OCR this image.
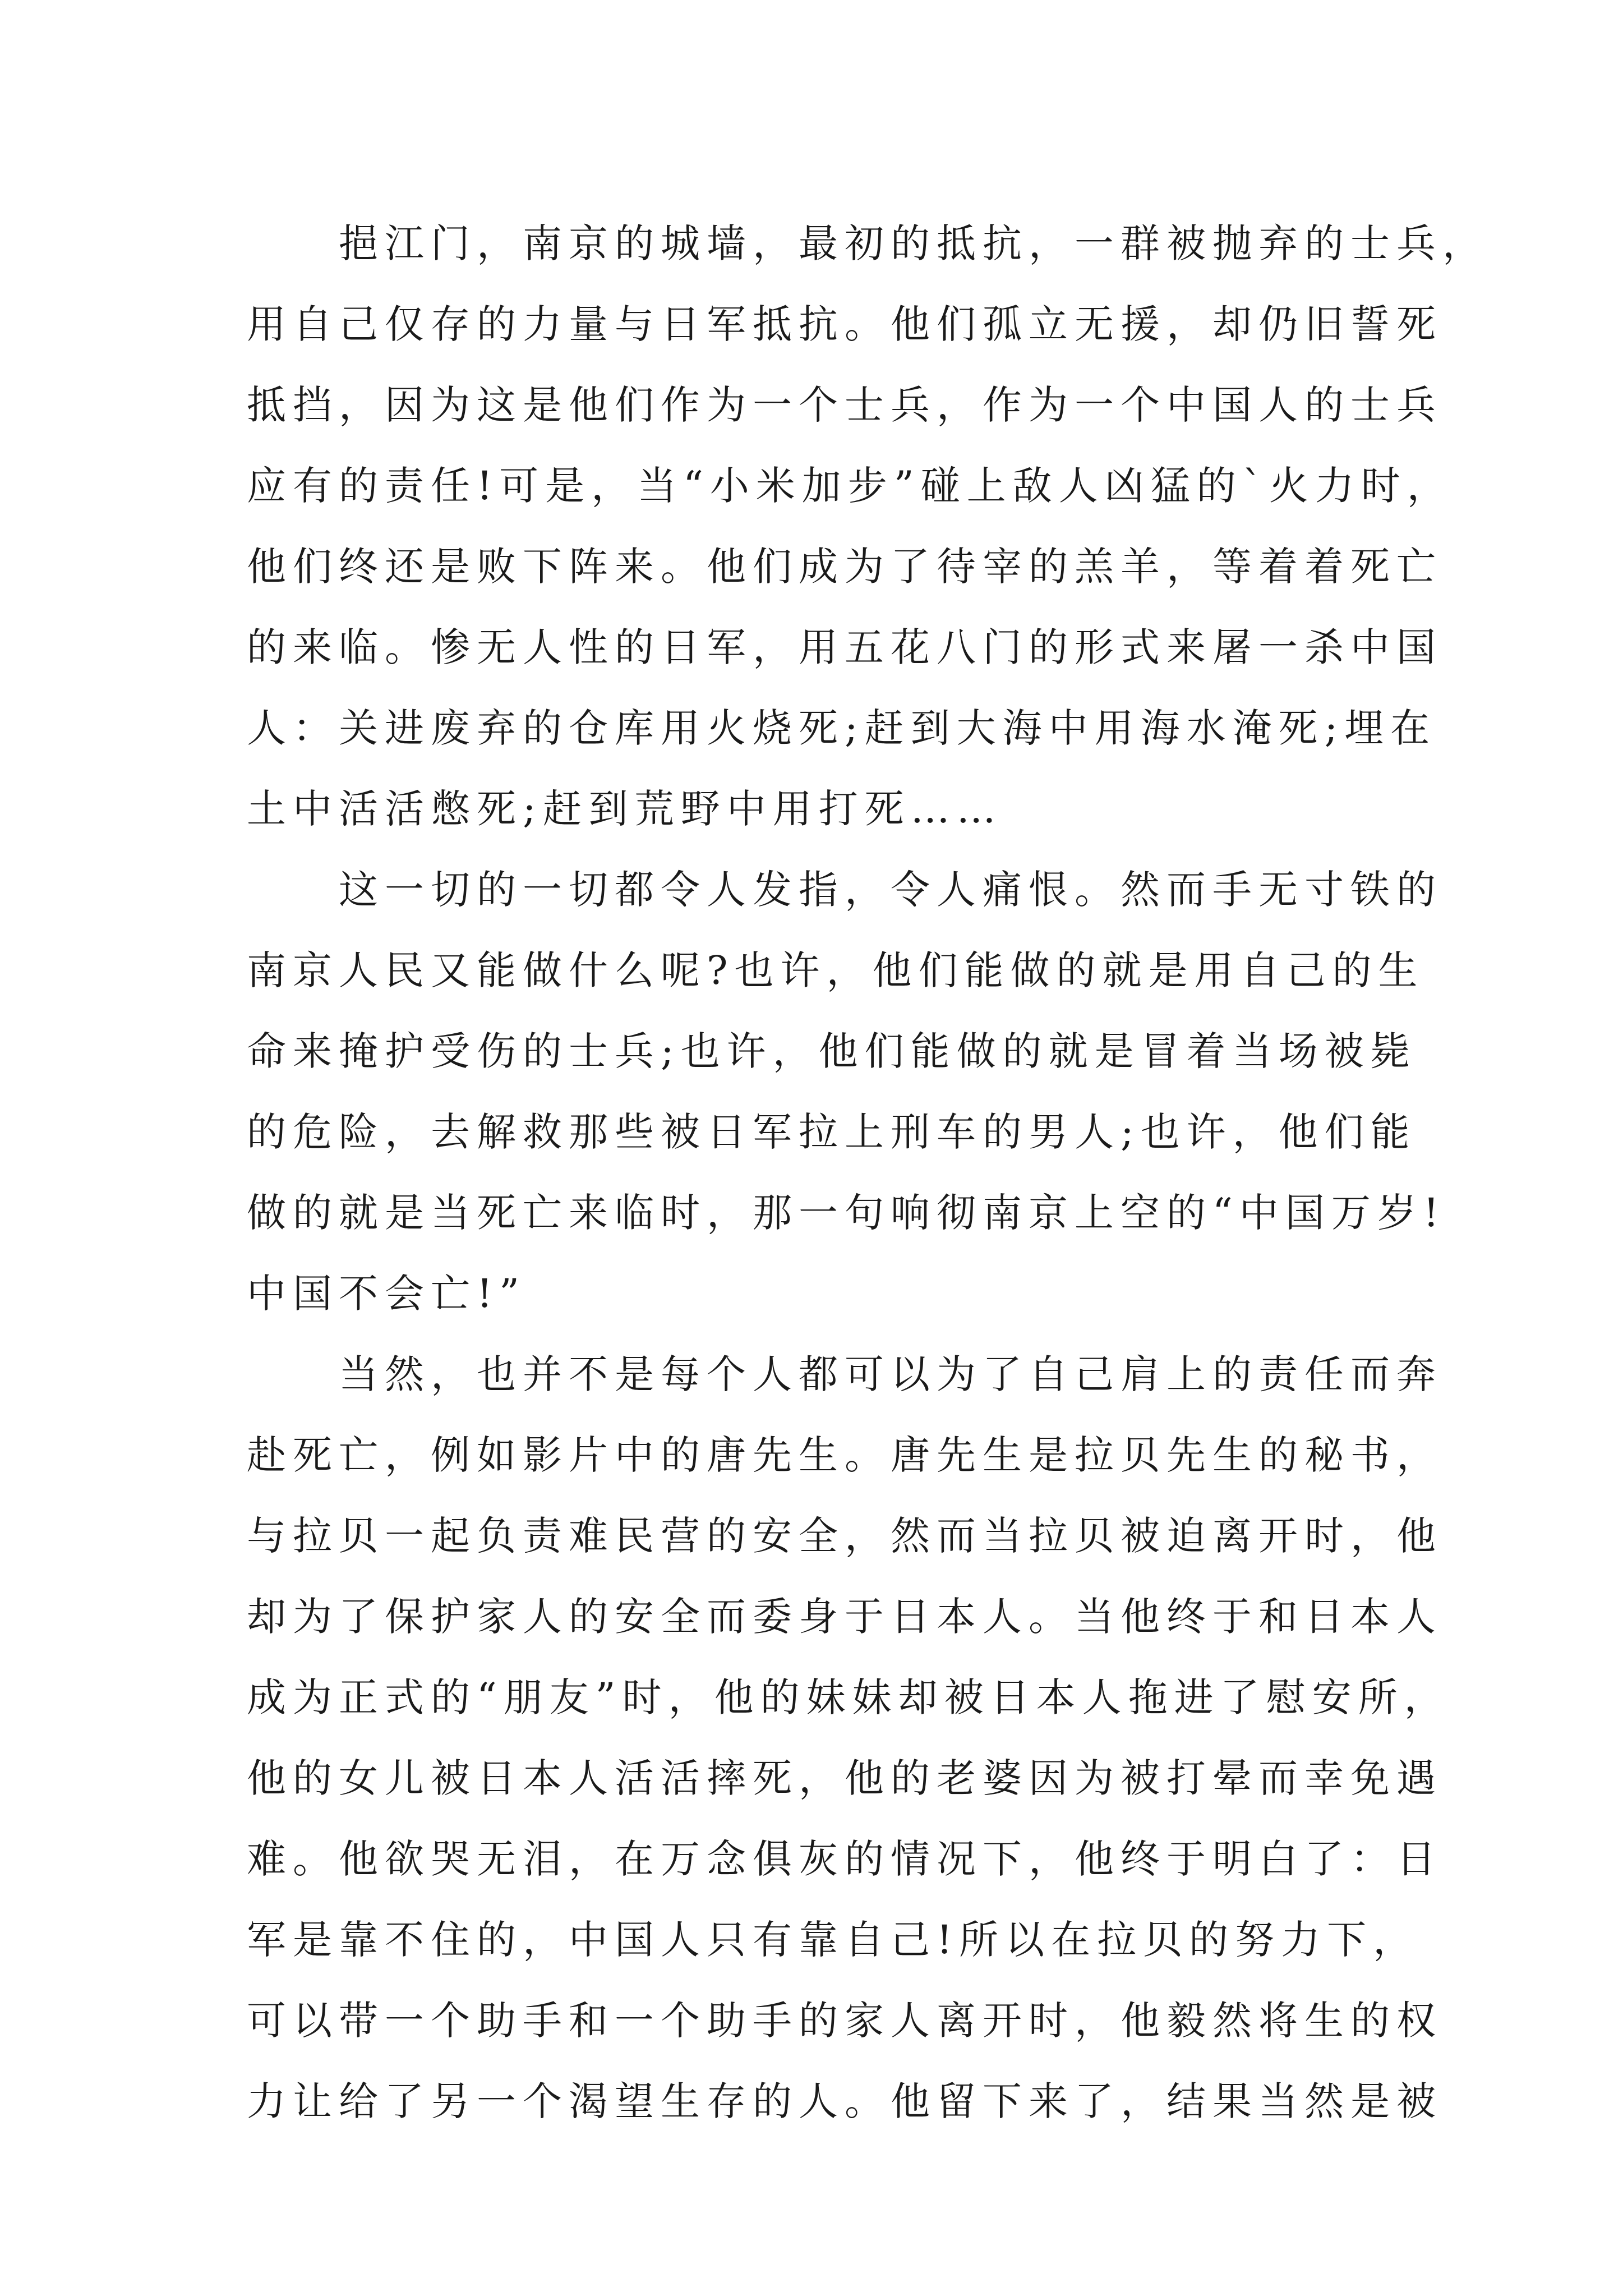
　　挹江门，南京的城墙，最初的抵抗，一群被抛弃的士兵，
用自己仅存的力量与日军抵抗。他们孤立无援，却仍旧誓死
抵挡，因为这是他们作为一个士兵，作为一个中国人的士兵
应有的责任!可是，当“小米加步”碰上敌人凶猛的`火力时，
他们终还是败下阵来。他们成为了待宰的羔羊，等着着死亡
的来临。惨无人性的日军，用五花八门的形式来屠一杀中国
人：关进废弃的仓库用火烧死;赶到大海中用海水淹死;埋在
土中活活憋死;赶到荒野中用打死……
　　这一切的一切都令人发指，令人痛恨。然而手无寸铁的
南京人民又能做什么呢?也许，他们能做的就是用自己的生
命来掩护受伤的士兵;也许，他们能做的就是冒着当场被毙
的危险，去解救那些被日军拉上刑车的男人;也许，他们能
做的就是当死亡来临时，那一句响彻南京上空的“中国万岁!
中国不会亡!”
　　当然，也并不是每个人都可以为了自己肩上的责任而奔
赴死亡，例如影片中的唐先生。唐先生是拉贝先生的秘书，
与拉贝一起负责难民营的安全，然而当拉贝被迫离开时，他
却为了保护家人的安全而委身于日本人。当他终于和日本人
成为正式的“朋友”时，他的妹妹却被日本人拖进了慰安所，
他的女儿被日本人活活摔死，他的老婆因为被打晕而幸免遇
难。他欲哭无泪，在万念俱灰的情况下，他终于明白了：日
军是靠不住的，中国人只有靠自己!所以在拉贝的努力下，
可以带一个助手和一个助手的家人离开时，他毅然将生的权
力让给了另一个渴望生存的人。他留下来了，结果当然是被
